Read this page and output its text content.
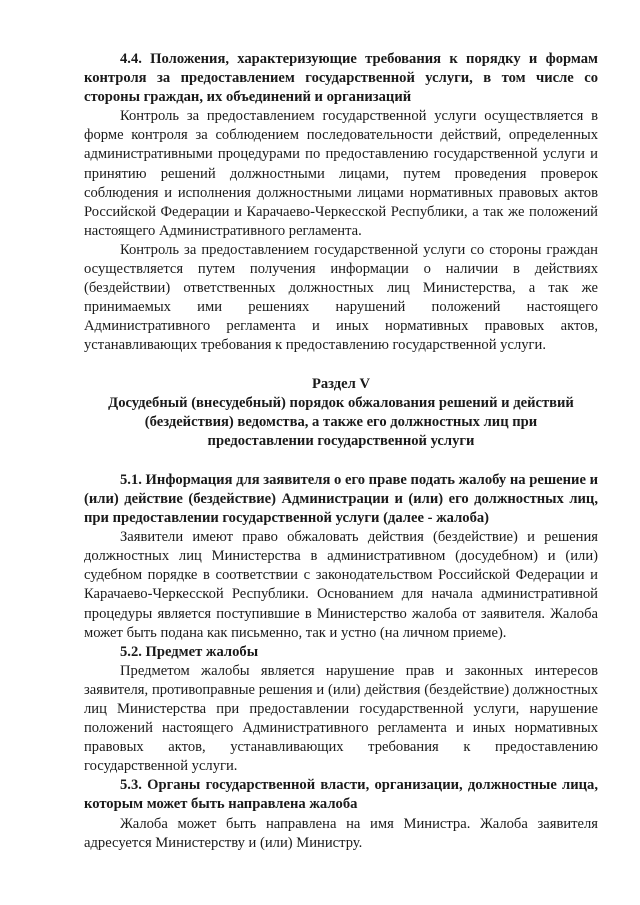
4.4. Положения, характеризующие требования к порядку и формам контроля за предоставлением государственной услуги, в том числе со стороны граждан, их объединений и организаций

Контроль за предоставлением государственной услуги осуществляется в форме контроля за соблюдением последовательности действий, определенных административными процедурами по предоставлению государственной услуги и принятию решений должностными лицами, путем проведения проверок соблюдения и исполнения должностными лицами нормативных правовых актов Российской Федерации и Карачаево-Черкесской Республики, а так же положений настоящего Административного регламента.

Контроль за предоставлением государственной услуги со стороны граждан осуществляется путем получения информации о наличии в действиях (бездействии) ответственных должностных лиц Министерства, а так же принимаемых ими решениях нарушений положений настоящего Административного регламента и иных нормативных правовых актов, устанавливающих требования к предоставлению государственной услуги.

Раздел V

Досудебный (внесудебный) порядок обжалования решений и действий (бездействия) ведомства, а также его должностных лиц при предоставлении государственной услуги

5.1. Информация для заявителя о его праве подать жалобу на решение и (или) действие (бездействие) Администрации и (или) его должностных лиц, при предоставлении государственной услуги (далее - жалоба)

Заявители имеют право обжаловать действия (бездействие) и решения должностных лиц Министерства в административном (досудебном) и (или) судебном порядке в соответствии с законодательством Российской Федерации и Карачаево-Черкесской Республики. Основанием для начала административной процедуры является поступившие в Министерство жалоба от заявителя. Жалоба может быть подана как письменно, так и устно (на личном приеме).

5.2. Предмет жалобы

Предметом жалобы является нарушение прав и законных интересов заявителя, противоправные решения и (или) действия (бездействие) должностных лиц Министерства при предоставлении государственной услуги, нарушение положений настоящего Административного регламента и иных нормативных правовых актов, устанавливающих требования к предоставлению государственной услуги.

5.3. Органы государственной власти, организации, должностные лица, которым может быть направлена жалоба

Жалоба может быть направлена на имя Министра. Жалоба заявителя адресуется Министерству и (или) Министру.
